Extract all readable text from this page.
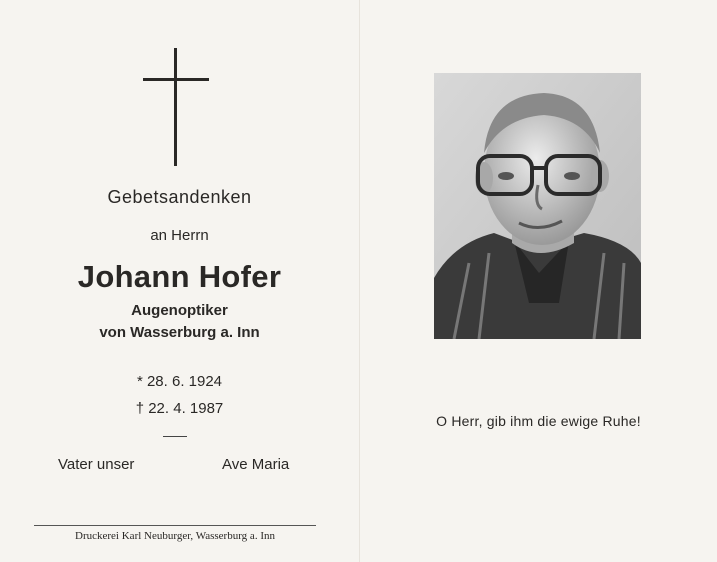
Gebetsandenken
an Herrn
Johann Hofer
Augenoptiker
von Wasserburg a. Inn
* 28. 6. 1924
† 22. 4. 1987
Vater unser	Ave Maria
Druckerei Karl Neuburger, Wasserburg a. Inn
O Herr, gib ihm die ewige Ruhe!
